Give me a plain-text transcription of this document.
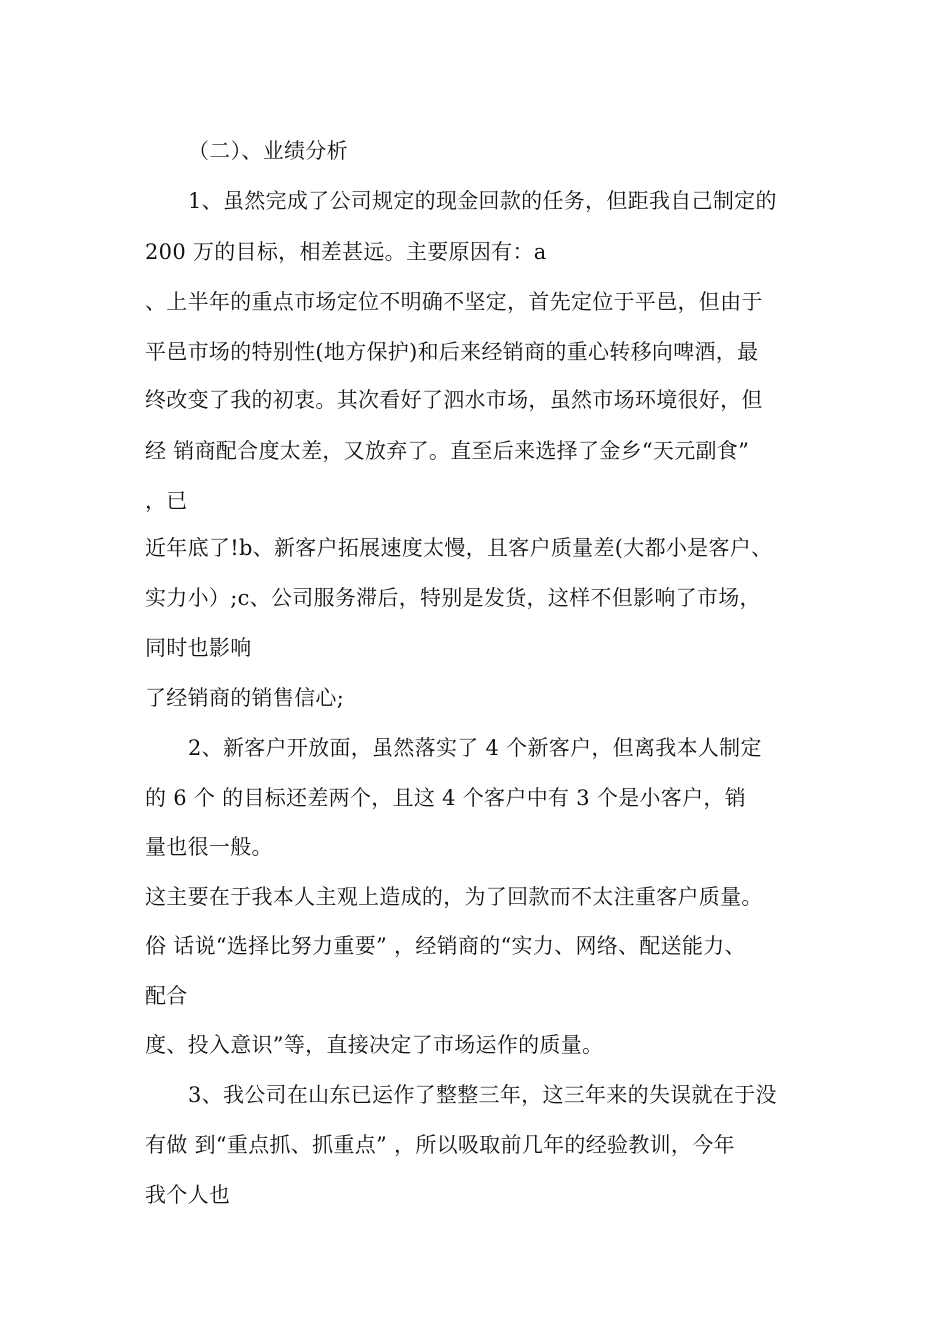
（二）、业绩分析
1、虽然完成了公司规定的现金回款的任务，但距我自己制定的
200 万的目标，相差甚远。主要原因有：a
、上半年的重点市场定位不明确不坚定，首先定位于平邑，但由于
平邑市场的特别性(地方保护)和后来经销商的重心转移向啤酒，最
终改变了我的初衷。其次看好了泗水市场，虽然市场环境很好，但
经 销商配合度太差，又放弃了。直至后来选择了金乡“天元副食”
，已
近年底了!b、新客户拓展速度太慢，且客户质量差(大都小是客户、
实力小）;c、公司服务滞后，特别是发货，这样不但影响了市场，
同时也影响
了经销商的销售信心;
2、新客户开放面，虽然落实了 4 个新客户，但离我本人制定
的 6 个 的目标还差两个，且这 4 个客户中有 3 个是小客户，销
量也很一般。
这主要在于我本人主观上造成的，为了回款而不太注重客户质量。
俗 话说“选择比努力重要” ，经销商的“实力、网络、配送能力、
配合
度、投入意识”等，直接决定了市场运作的质量。
3、我公司在山东已运作了整整三年，这三年来的失误就在于没
有做 到“重点抓、抓重点” ，所以吸取前几年的经验教训，今年
我个人也
